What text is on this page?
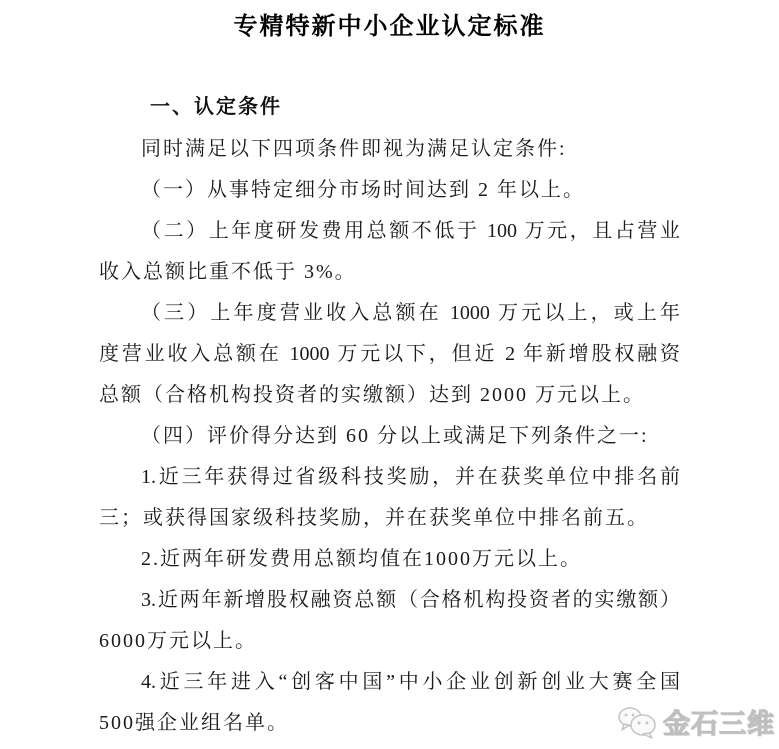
专精特新中小企业认定标准
一、认定条件
同时满足以下四项条件即视为满足认定条件:
（一）从事特定细分市场时间达到 2 年以上。
（二）上年度研发费用总额不低于 100 万元，且占营业
收入总额比重不低于 3%。
（三）上年度营业收入总额在 1000 万元以上，或上年
度营业收入总额在 1000 万元以下，但近 2 年新增股权融资
总额（合格机构投资者的实缴额）达到 2000 万元以上。
（四）评价得分达到 60 分以上或满足下列条件之一:
1.近三年获得过省级科技奖励，并在获奖单位中排名前
三；或获得国家级科技奖励，并在获奖单位中排名前五。
2.近两年研发费用总额均值在1000万元以上。
3.近两年新增股权融资总额（合格机构投资者的实缴额）
6000万元以上。
4.近三年进入“创客中国”中小企业创新创业大赛全国
500强企业组名单。	金石三维
